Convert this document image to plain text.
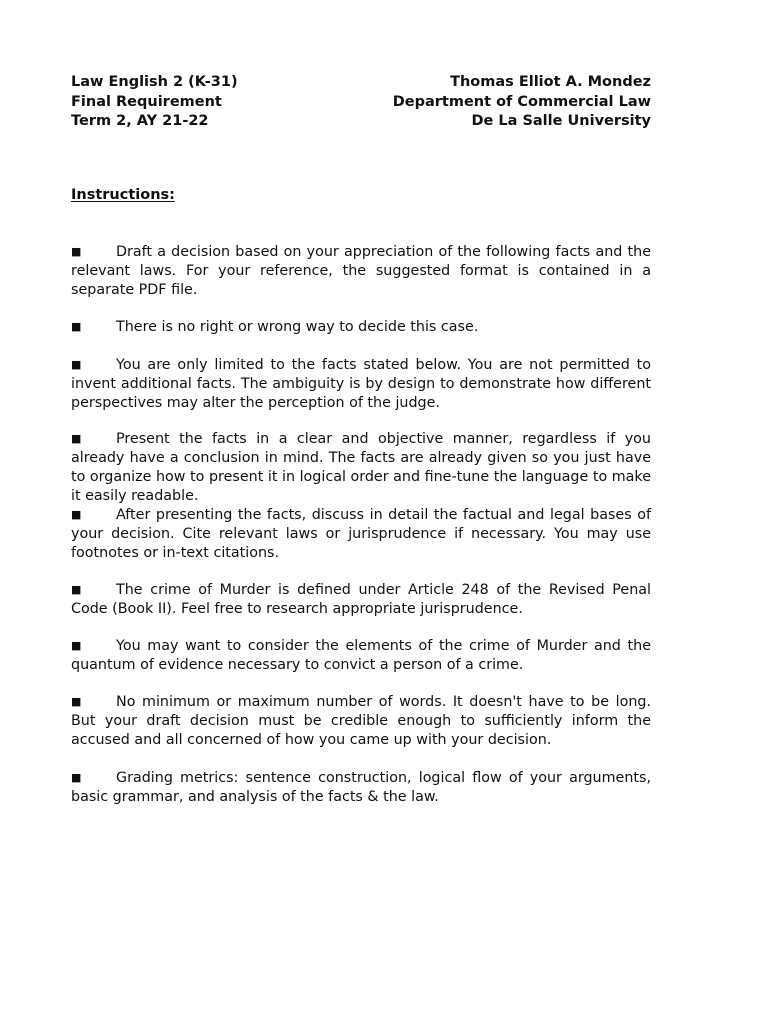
Law English 2 (K-31)
Final Requirement
Term 2, AY 21-22
Thomas Elliot A. Mondez
Department of Commercial Law
De La Salle University
Instructions:
■ Draft a decision based on your appreciation of the following facts and the relevant laws. For your reference, the suggested format is contained in a separate PDF file.
■ There is no right or wrong way to decide this case.
■ You are only limited to the facts stated below. You are not permitted to invent additional facts. The ambiguity is by design to demonstrate how different perspectives may alter the perception of the judge.
■ Present the facts in a clear and objective manner, regardless if you already have a conclusion in mind. The facts are already given so you just have to organize how to present it in logical order and fine-tune the language to make it easily readable.
■ After presenting the facts, discuss in detail the factual and legal bases of your decision. Cite relevant laws or jurisprudence if necessary. You may use footnotes or in-text citations.
■ The crime of Murder is defined under Article 248 of the Revised Penal Code (Book II). Feel free to research appropriate jurisprudence.
■ You may want to consider the elements of the crime of Murder and the quantum of evidence necessary to convict a person of a crime.
■ No minimum or maximum number of words. It doesn't have to be long. But your draft decision must be credible enough to sufficiently inform the accused and all concerned of how you came up with your decision.
■ Grading metrics: sentence construction, logical flow of your arguments, basic grammar, and analysis of the facts & the law.
